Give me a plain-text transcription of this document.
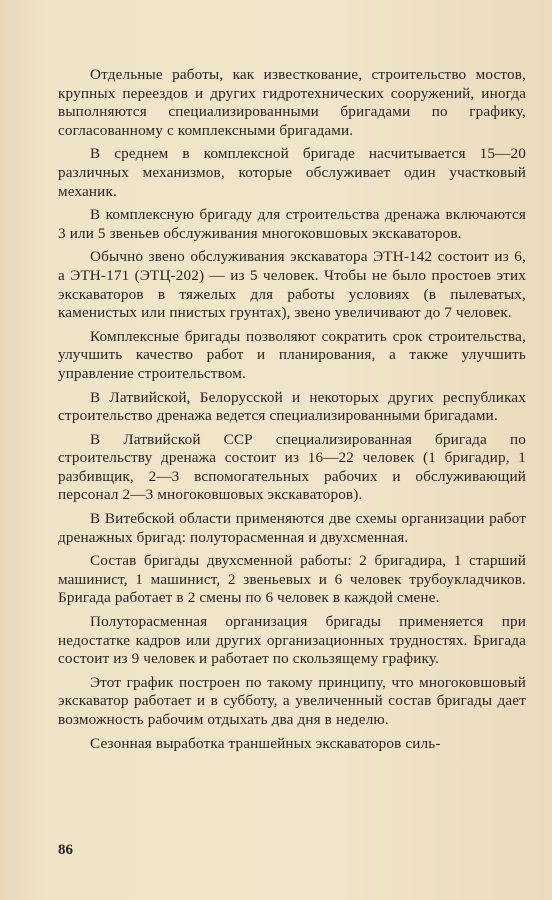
Отдельные работы, как известкование, строительство мостов, крупных переездов и других гидротехнических сооружений, иногда выполняются специализированными бригадами по графику, согласованному с комплексными бригадами.

В среднем в комплексной бригаде насчитывается 15—20 различных механизмов, которые обслуживает один участковый механик.

В комплексную бригаду для строительства дренажа включаются 3 или 5 звеньев обслуживания многоковшовых экскаваторов.

Обычно звено обслуживания экскаватора ЭТН-142 состоит из 6, а ЭТН-171 (ЭТЦ-202) — из 5 человек. Чтобы не было простоев этих экскаваторов в тяжелых для работы условиях (в пылеватых, каменистых или пнистых грунтах), звено увеличивают до 7 человек.

Комплексные бригады позволяют сократить срок строительства, улучшить качество работ и планирования, а также улучшить управление строительством.

В Латвийской, Белорусской и некоторых других республиках строительство дренажа ведется специализированными бригадами.

В Латвийской ССР специализированная бригада по строительству дренажа состоит из 16—22 человек (1 бригадир, 1 разбивщик, 2—3 вспомогательных рабочих и обслуживающий персонал 2—3 многоковшовых экскаваторов).

В Витебской области применяются две схемы организации работ дренажных бригад: полуторасменная и двухсменная.

Состав бригады двухсменной работы: 2 бригадира, 1 старший машинист, 1 машинист, 2 звеньевых и 6 человек трубоукладчиков. Бригада работает в 2 смены по 6 человек в каждой смене.

Полуторасменная организация бригады применяется при недостатке кадров или других организационных трудностях. Бригада состоит из 9 человек и работает по скользящему графику.

Этот график построен по такому принципу, что многоковшовый экскаватор работает и в субботу, а увеличенный состав бригады дает возможность рабочим отдыхать два дня в неделю.

Сезонная выработка траншейных экскаваторов силь-

86
